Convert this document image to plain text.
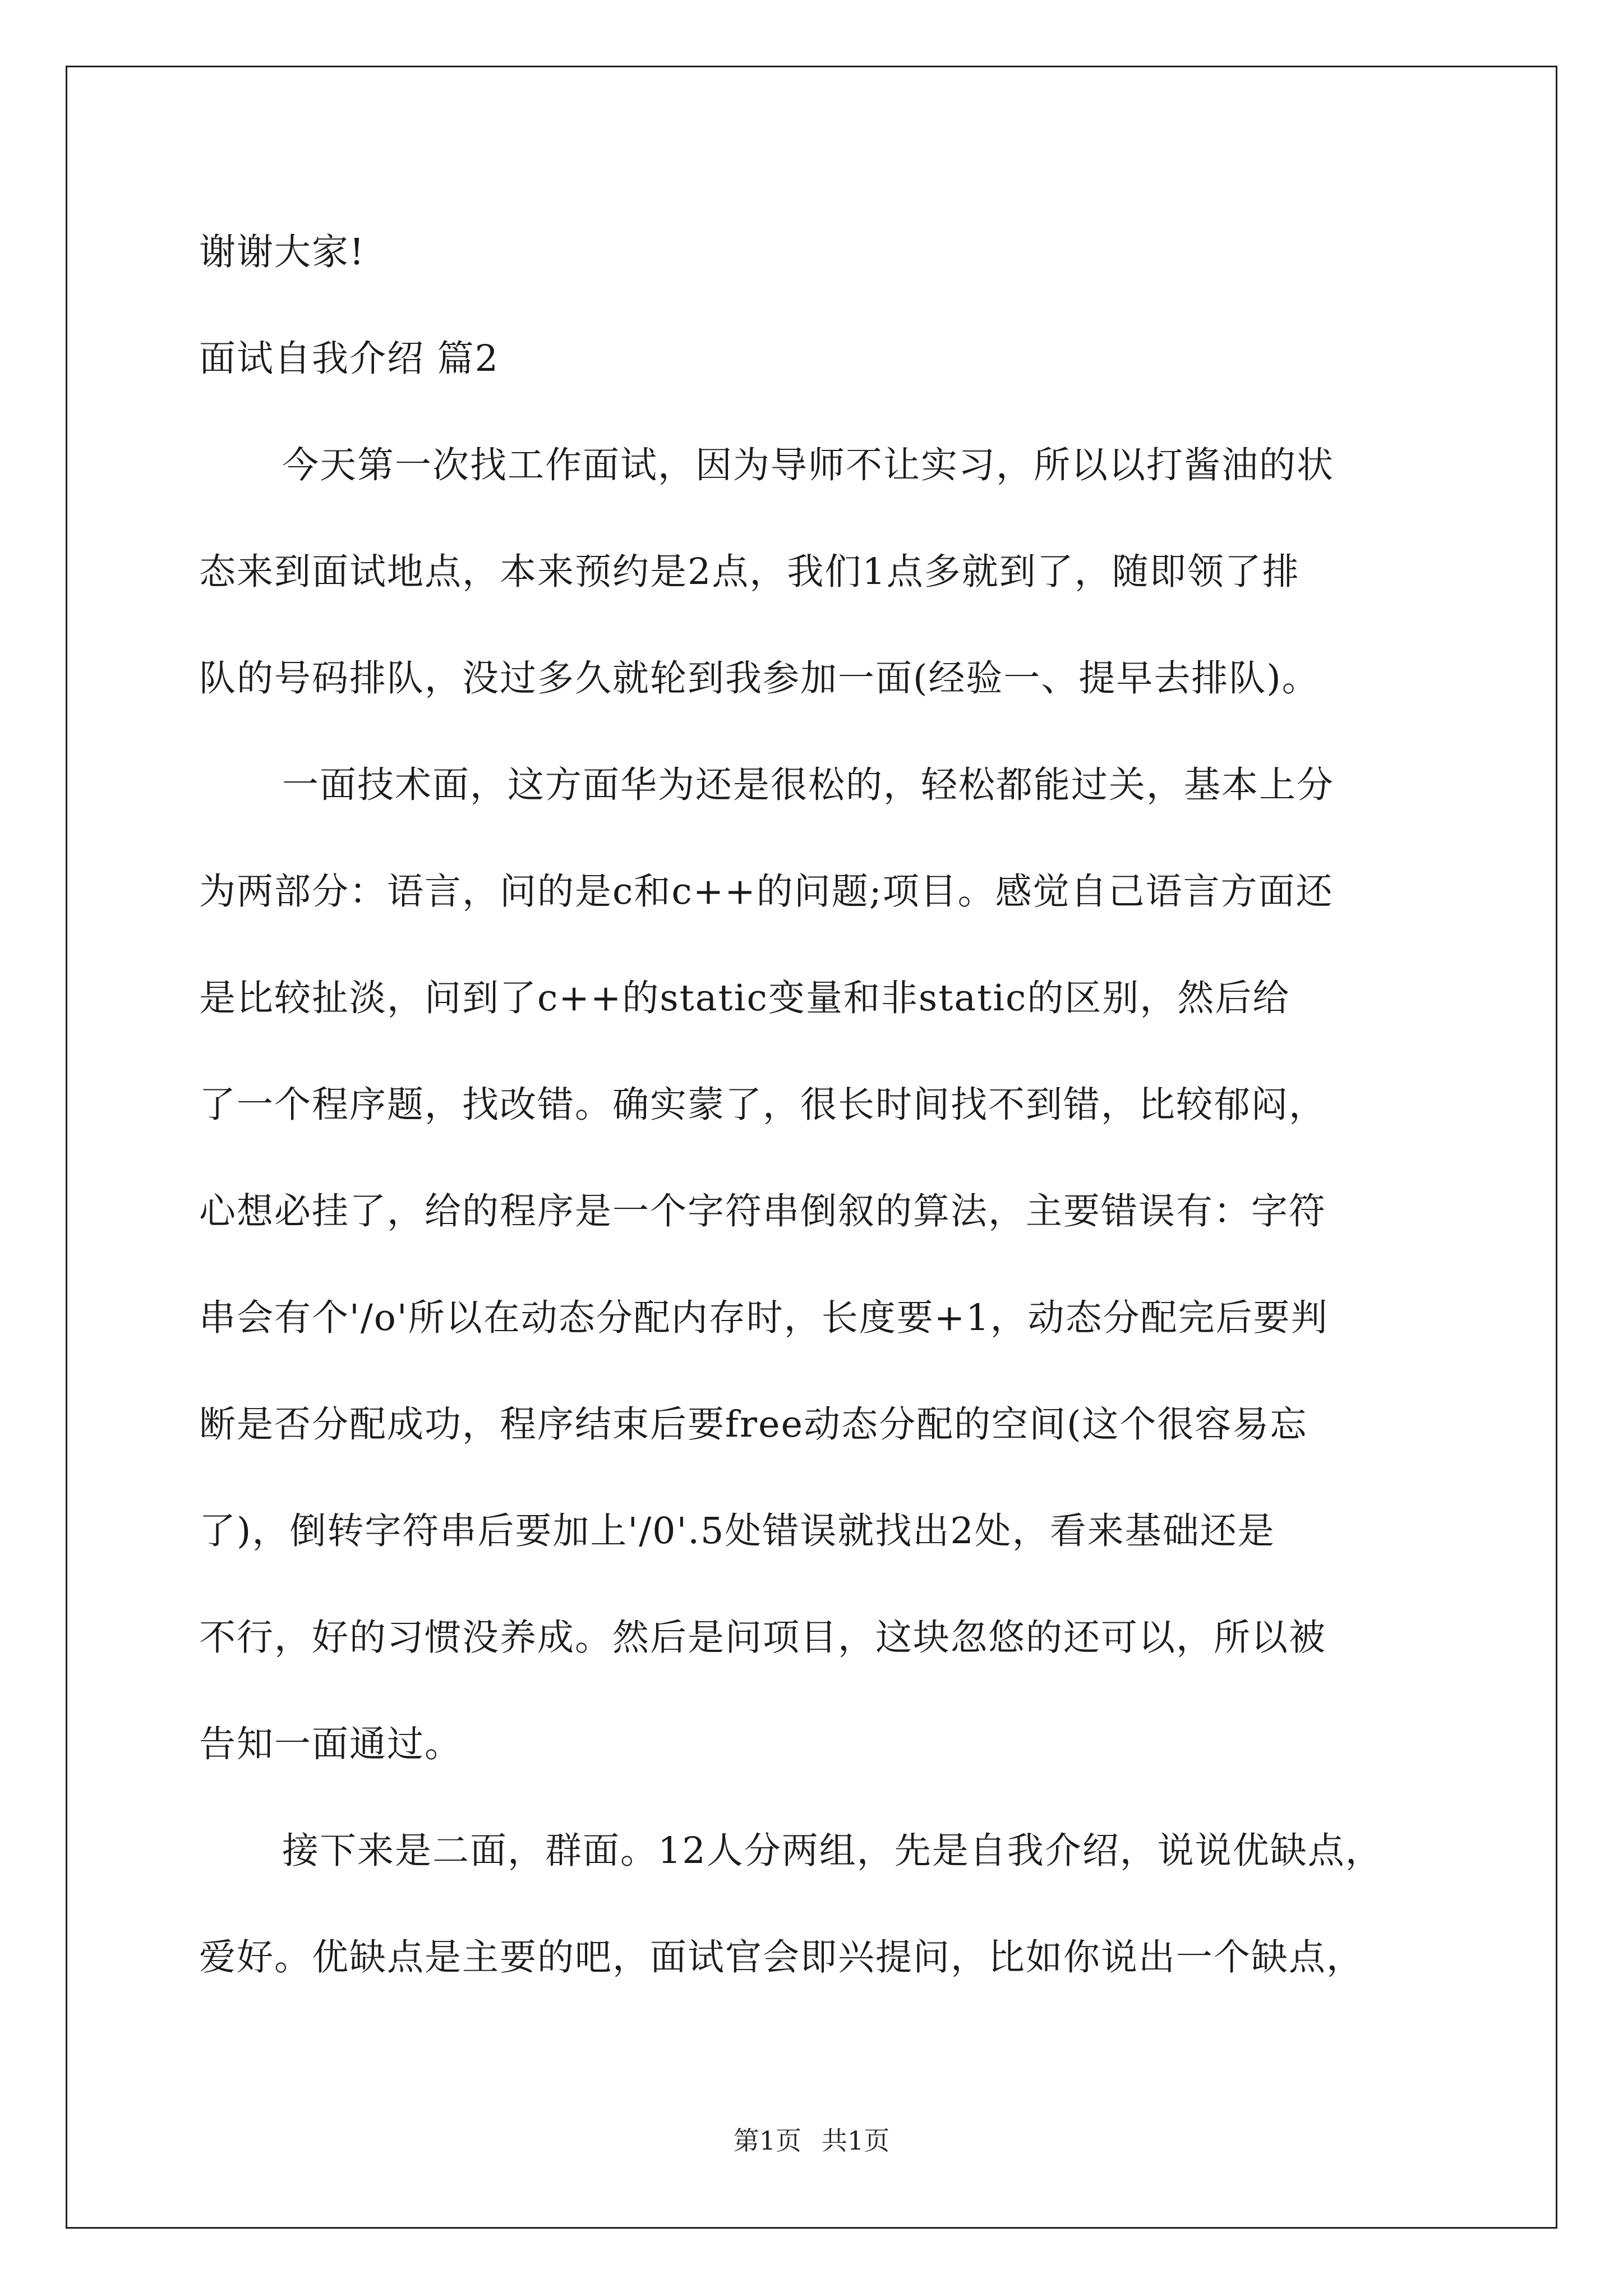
谢谢大家!
面试自我介绍 篇2
今天第一次找工作面试，因为导师不让实习，所以以打酱油的状
态来到面试地点，本来预约是2点，我们1点多就到了，随即领了排
队的号码排队，没过多久就轮到我参加一面(经验一、提早去排队)。
一面技术面，这方面华为还是很松的，轻松都能过关，基本上分
为两部分：语言，问的是c和c++的问题;项目。感觉自己语言方面还
是比较扯淡，问到了c++的static变量和非static的区别，然后给
了一个程序题，找改错。确实蒙了，很长时间找不到错，比较郁闷，
心想必挂了，给的程序是一个字符串倒叙的算法，主要错误有：字符
串会有个'/o'所以在动态分配内存时，长度要+1，动态分配完后要判
断是否分配成功，程序结束后要free动态分配的空间(这个很容易忘
了)，倒转字符串后要加上'/0'.5处错误就找出2处，看来基础还是
不行，好的习惯没养成。然后是问项目，这块忽悠的还可以，所以被
告知一面通过。
接下来是二面，群面。12人分两组，先是自我介绍，说说优缺点，
爱好。优缺点是主要的吧，面试官会即兴提问，比如你说出一个缺点，
第1页 共1页
